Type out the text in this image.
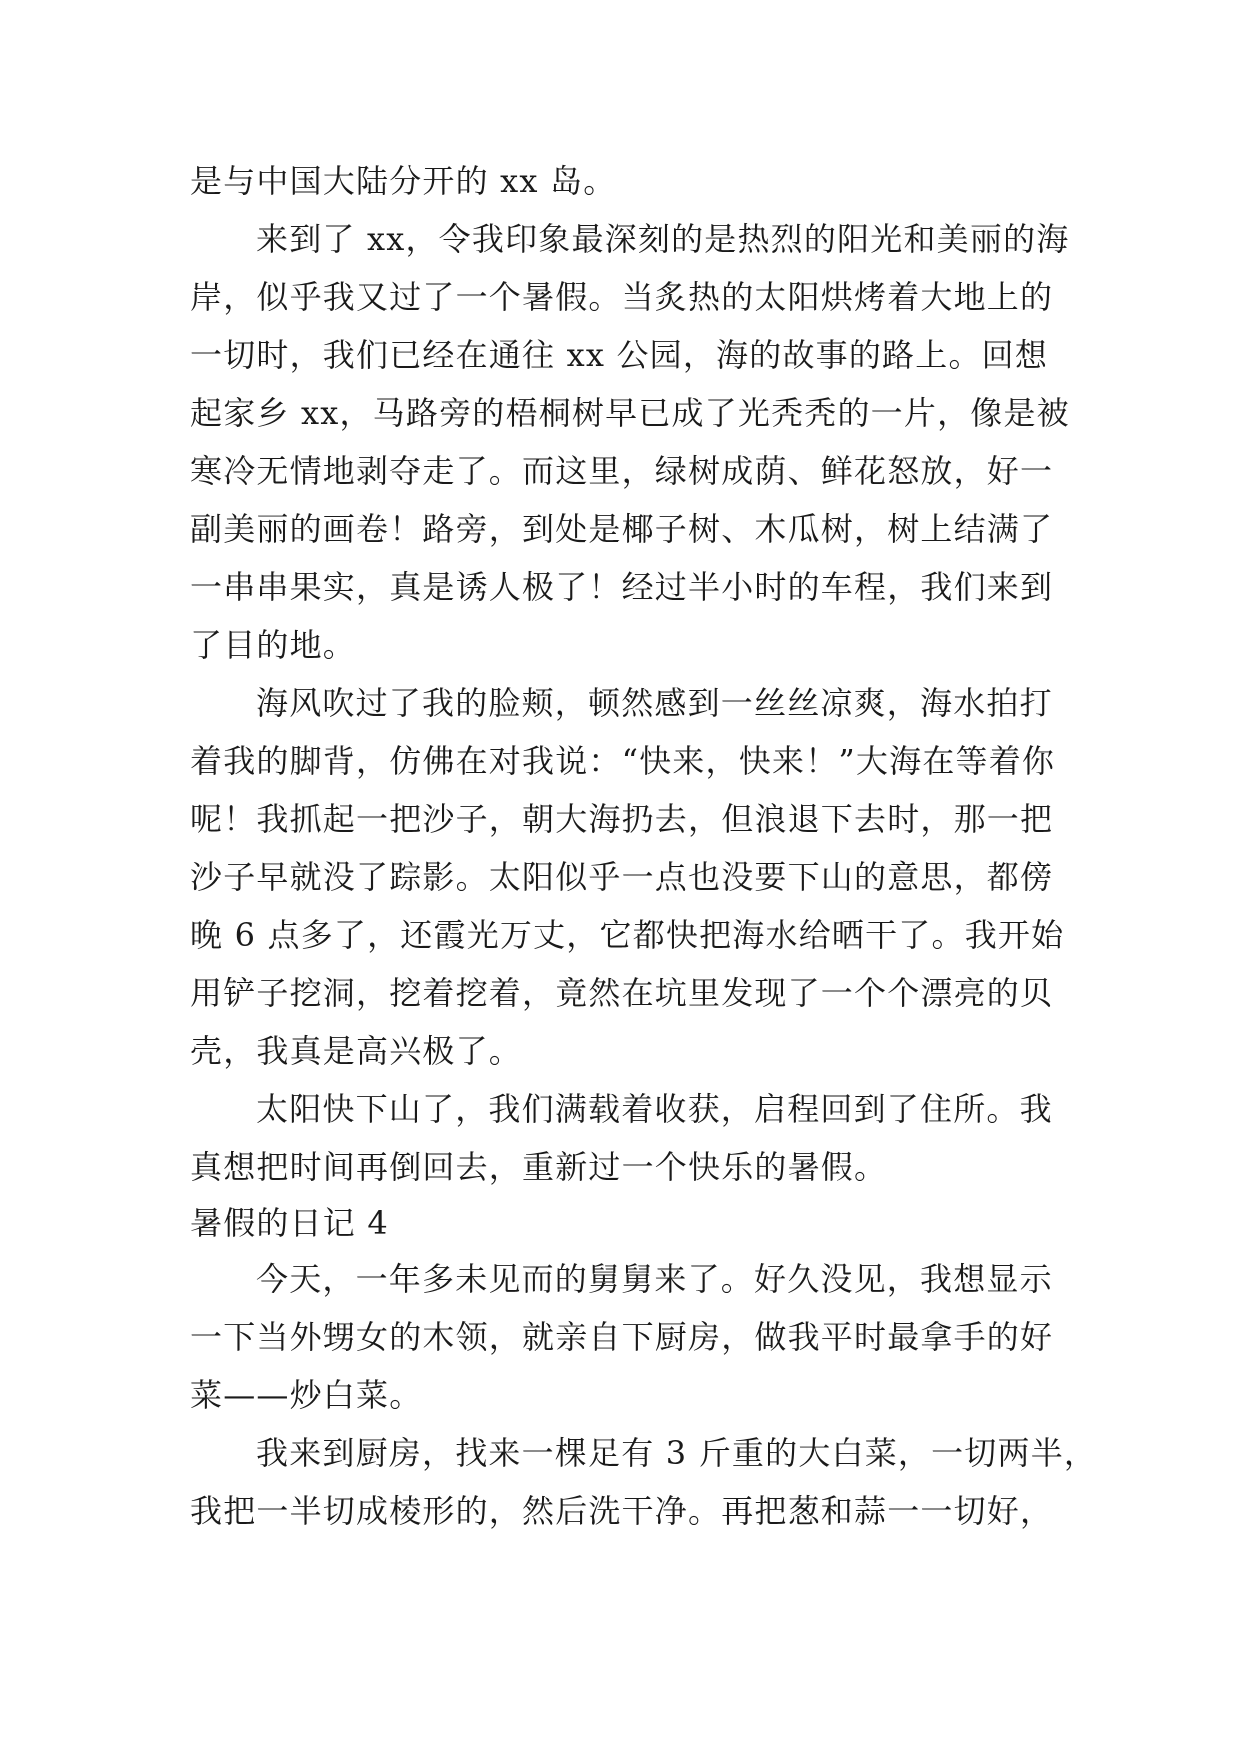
是与中国大陆分开的 xx 岛。
来到了 xx，令我印象最深刻的是热烈的阳光和美丽的海
岸，似乎我又过了一个暑假。当炙热的太阳烘烤着大地上的
一切时，我们已经在通往 xx 公园，海的故事的路上。回想
起家乡 xx，马路旁的梧桐树早已成了光秃秃的一片，像是被
寒冷无情地剥夺走了。而这里，绿树成荫、鲜花怒放，好一
副美丽的画卷！路旁，到处是椰子树、木瓜树，树上结满了
一串串果实，真是诱人极了！经过半小时的车程，我们来到
了目的地。
海风吹过了我的脸颊，顿然感到一丝丝凉爽，海水拍打
着我的脚背，仿佛在对我说：“快来，快来！”大海在等着你
呢！我抓起一把沙子，朝大海扔去，但浪退下去时，那一把
沙子早就没了踪影。太阳似乎一点也没要下山的意思，都傍
晚 6 点多了，还霞光万丈，它都快把海水给晒干了。我开始
用铲子挖洞，挖着挖着，竟然在坑里发现了一个个漂亮的贝
壳，我真是高兴极了。
太阳快下山了，我们满载着收获，启程回到了住所。我
真想把时间再倒回去，重新过一个快乐的暑假。
暑假的日记 4
今天，一年多未见而的舅舅来了。好久没见，我想显示
一下当外甥女的木领，就亲自下厨房，做我平时最拿手的好
菜——炒白菜。
我来到厨房，找来一棵足有 3 斤重的大白菜，一切两半，
我把一半切成棱形的，然后洗干净。再把葱和蒜一一切好，
